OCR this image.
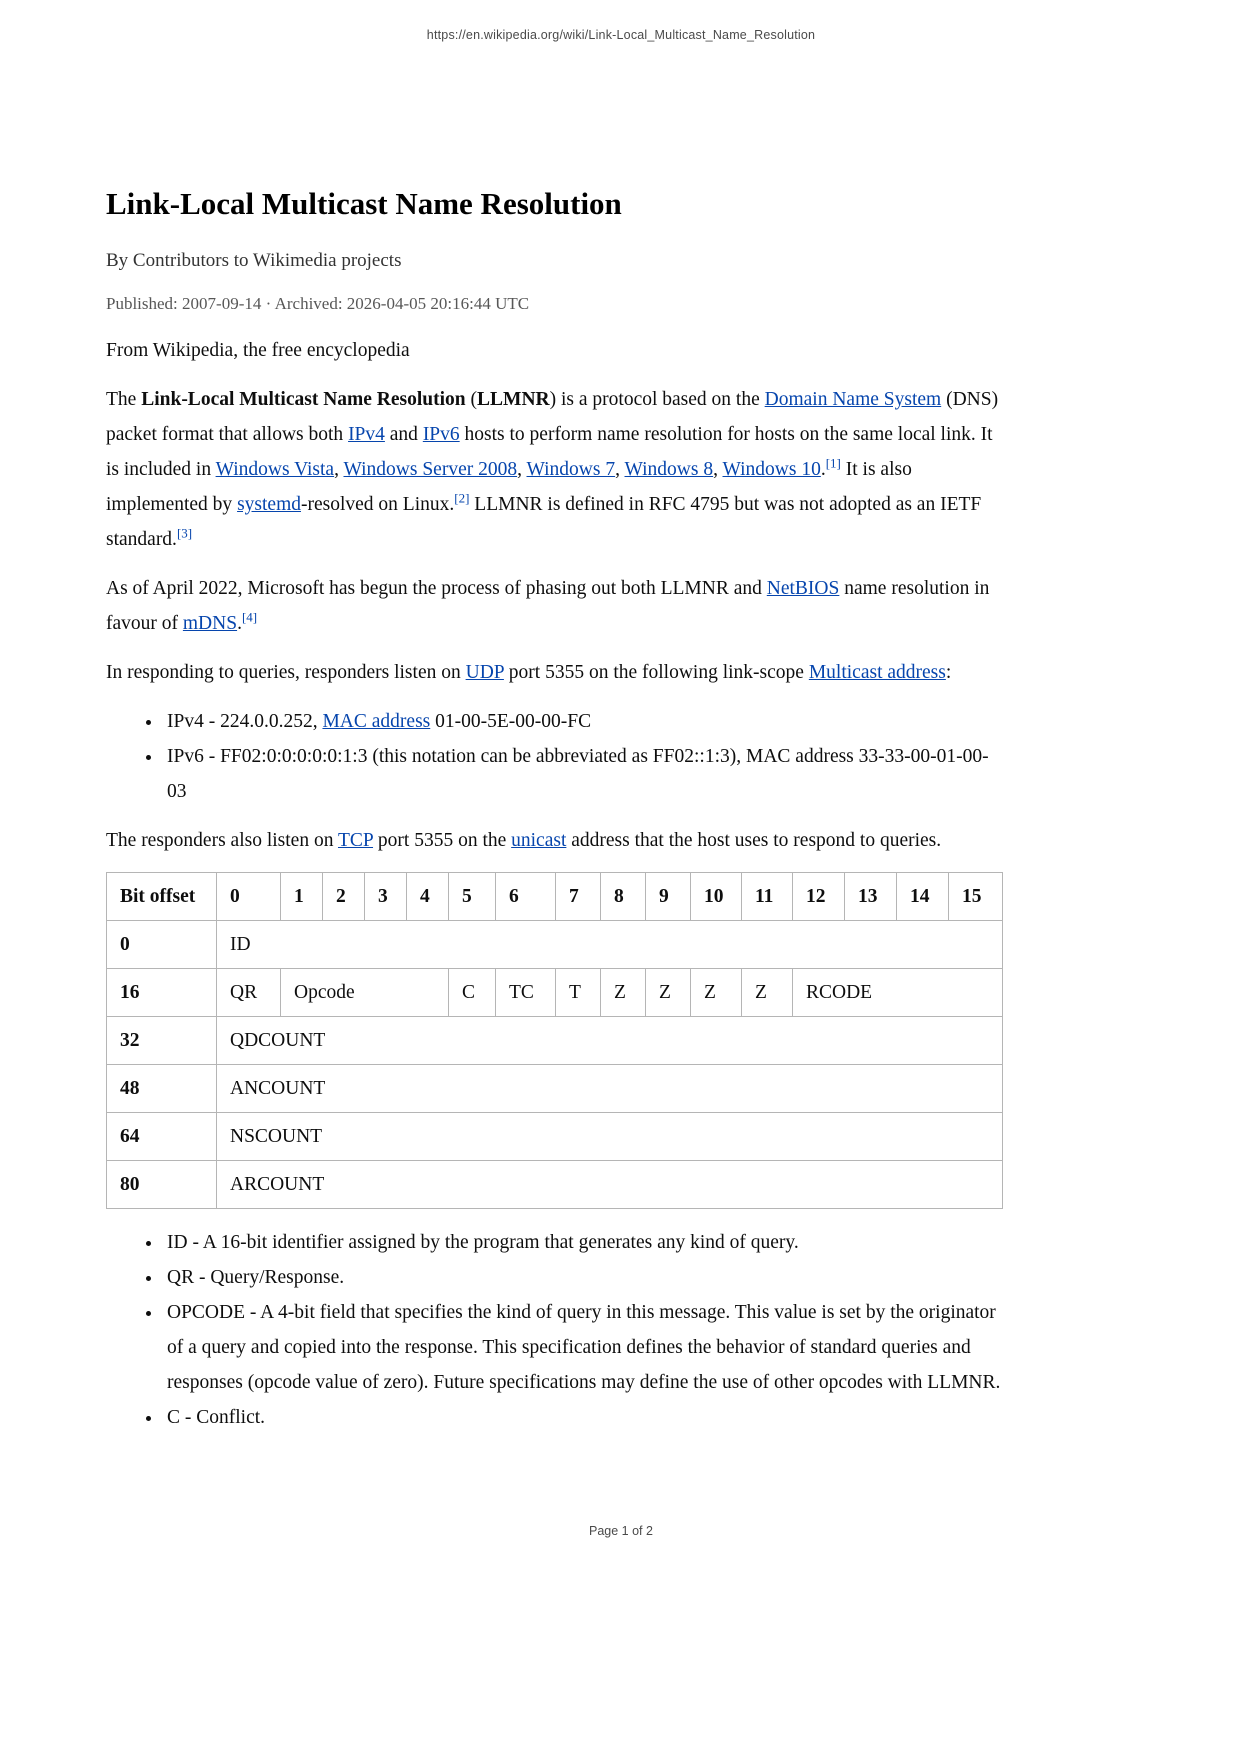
https://en.wikipedia.org/wiki/Link-Local_Multicast_Name_Resolution
Link-Local Multicast Name Resolution
By Contributors to Wikimedia projects
Published: 2007-09-14 · Archived: 2026-04-05 20:16:44 UTC
From Wikipedia, the free encyclopedia

The Link-Local Multicast Name Resolution (LLMNR) is a protocol based on the Domain Name System (DNS) packet format that allows both IPv4 and IPv6 hosts to perform name resolution for hosts on the same local link. It is included in Windows Vista, Windows Server 2008, Windows 7, Windows 8, Windows 10.[1] It is also implemented by systemd-resolved on Linux.[2] LLMNR is defined in RFC 4795 but was not adopted as an IETF standard.[3]

As of April 2022, Microsoft has begun the process of phasing out both LLMNR and NetBIOS name resolution in favour of mDNS.[4]

In responding to queries, responders listen on UDP port 5355 on the following link-scope Multicast address:

• IPv4 - 224.0.0.252, MAC address 01-00-5E-00-00-FC
• IPv6 - FF02:0:0:0:0:0:1:3 (this notation can be abbreviated as FF02::1:3), MAC address 33-33-00-01-00-03

The responders also listen on TCP port 5355 on the unicast address that the host uses to respond to queries.

Bit offset	0	1	2	3	4	5	6	7	8	9	10	11	12	13	14	15
0	ID															
16	QR	Opcode				C	TC	T	Z	Z	Z	Z	RCODE			
32	QDCOUNT															
48	ANCOUNT															
64	NSCOUNT															
80	ARCOUNT															
• ID - A 16-bit identifier assigned by the program that generates any kind of query.
• QR - Query/Response.
• OPCODE - A 4-bit field that specifies the kind of query in this message. This value is set by the originator of a query and copied into the response. This specification defines the behavior of standard queries and responses (opcode value of zero). Future specifications may define the use of other opcodes with LLMNR.
• C - Conflict.
Page 1 of 2
